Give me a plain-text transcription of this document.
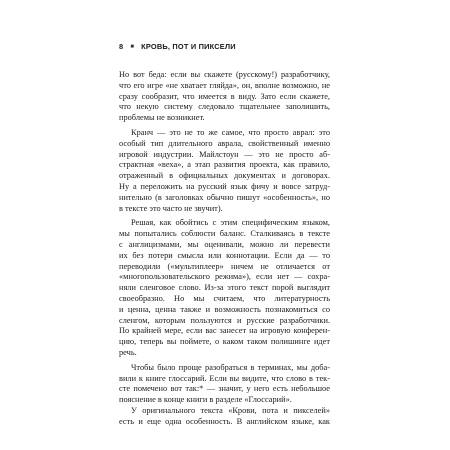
8 ■ КРОВЬ, ПОТ И ПИКСЕЛИ
Но вот беда: если вы скажете (русскому!) разработчику,
что его игре «не хватает гляйда», он, вполне возможно, не
сразу сообразит, что имеется в виду. Зато если скажете,
что некую систему следовало тщательнее заполишить,
проблемы не возникнет.
Кранч — это не то же самое, что просто аврал: это
особый тип длительного аврала, свойственный именно
игровой индустрии. Майлстоун — это не просто аб-
страктная «веха», а этап развития проекта, как правило,
отраженный в официальных документах и договорах.
Ну а переложить на русский язык фичу и вовсе затруд-
нительно (в заголовках обычно пишут «особенность», но
в тексте это часто не звучит).
Решая, как обойтись с этим специфическим языком,
мы попытались соблюсти баланс. Сталкиваясь в тексте
с англицизмами, мы оценивали, можно ли перевести
их без потери смысла или коннотации. Если да — то
переводили («мультиплеер» ничем не отличается от
«многопользовательского режима»), если нет — сохра-
няли сленговое слово. Из-за этого текст порой выглядит
своеобразно. Но мы считаем, что литературность
и ценна, ценна также и возможность познакомиться со
сленгом, которым пользуются и русские разработчики.
По крайней мере, если вас занесет на игровую конферен-
цию, теперь вы поймете, о каком таком полишинге идет
речь.
Чтобы было проще разобраться в терминах, мы доба-
вили к книге глоссарий. Если вы видите, что слово в тек-
сте помечено вот так:* — значит, у него есть небольшое
пояснение в конце книги в разделе «Глоссарий».
У оригинального текста «Крови, пота и пикселей»
есть и еще одна особенность. В английском языке, как
